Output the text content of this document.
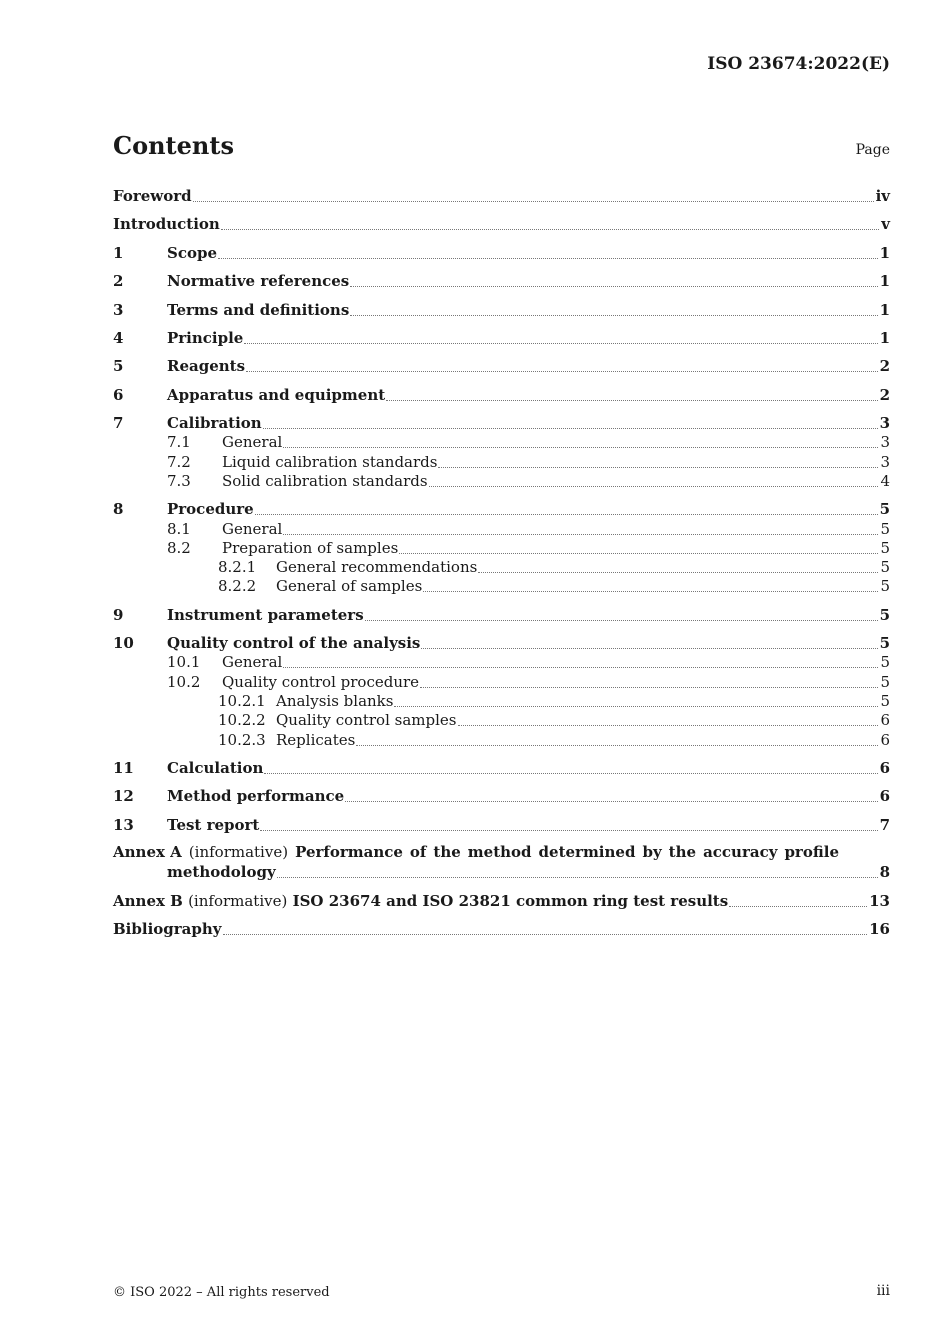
ISO 23674:2022(E)
Contents	Page
Foreword	iv
Introduction	v
1	Scope	1
2	Normative references	1
3	Terms and definitions	1
4	Principle	1
5	Reagents	2
6	Apparatus and equipment	2
7	Calibration	3
7.1	General	3
7.2	Liquid calibration standards	3
7.3	Solid calibration standards	4
8	Procedure	5
8.1	General	5
8.2	Preparation of samples	5
8.2.1	General recommendations	5
8.2.2	General of samples	5
9	Instrument parameters	5
10	Quality control of the analysis	5
10.1	General	5
10.2	Quality control procedure	5
10.2.1 Analysis blanks	5
10.2.2 Quality control samples	6
10.2.3 Replicates	6
11	Calculation	6
12	Method performance	6
13	Test report	7
Annex A (informative) Performance of the method determined by the accuracy profile
methodology	8
Annex B (informative) ISO 23674 and ISO 23821 common ring test results	13
Bibliography	16
© ISO 2022 – All rights reserved	iii
